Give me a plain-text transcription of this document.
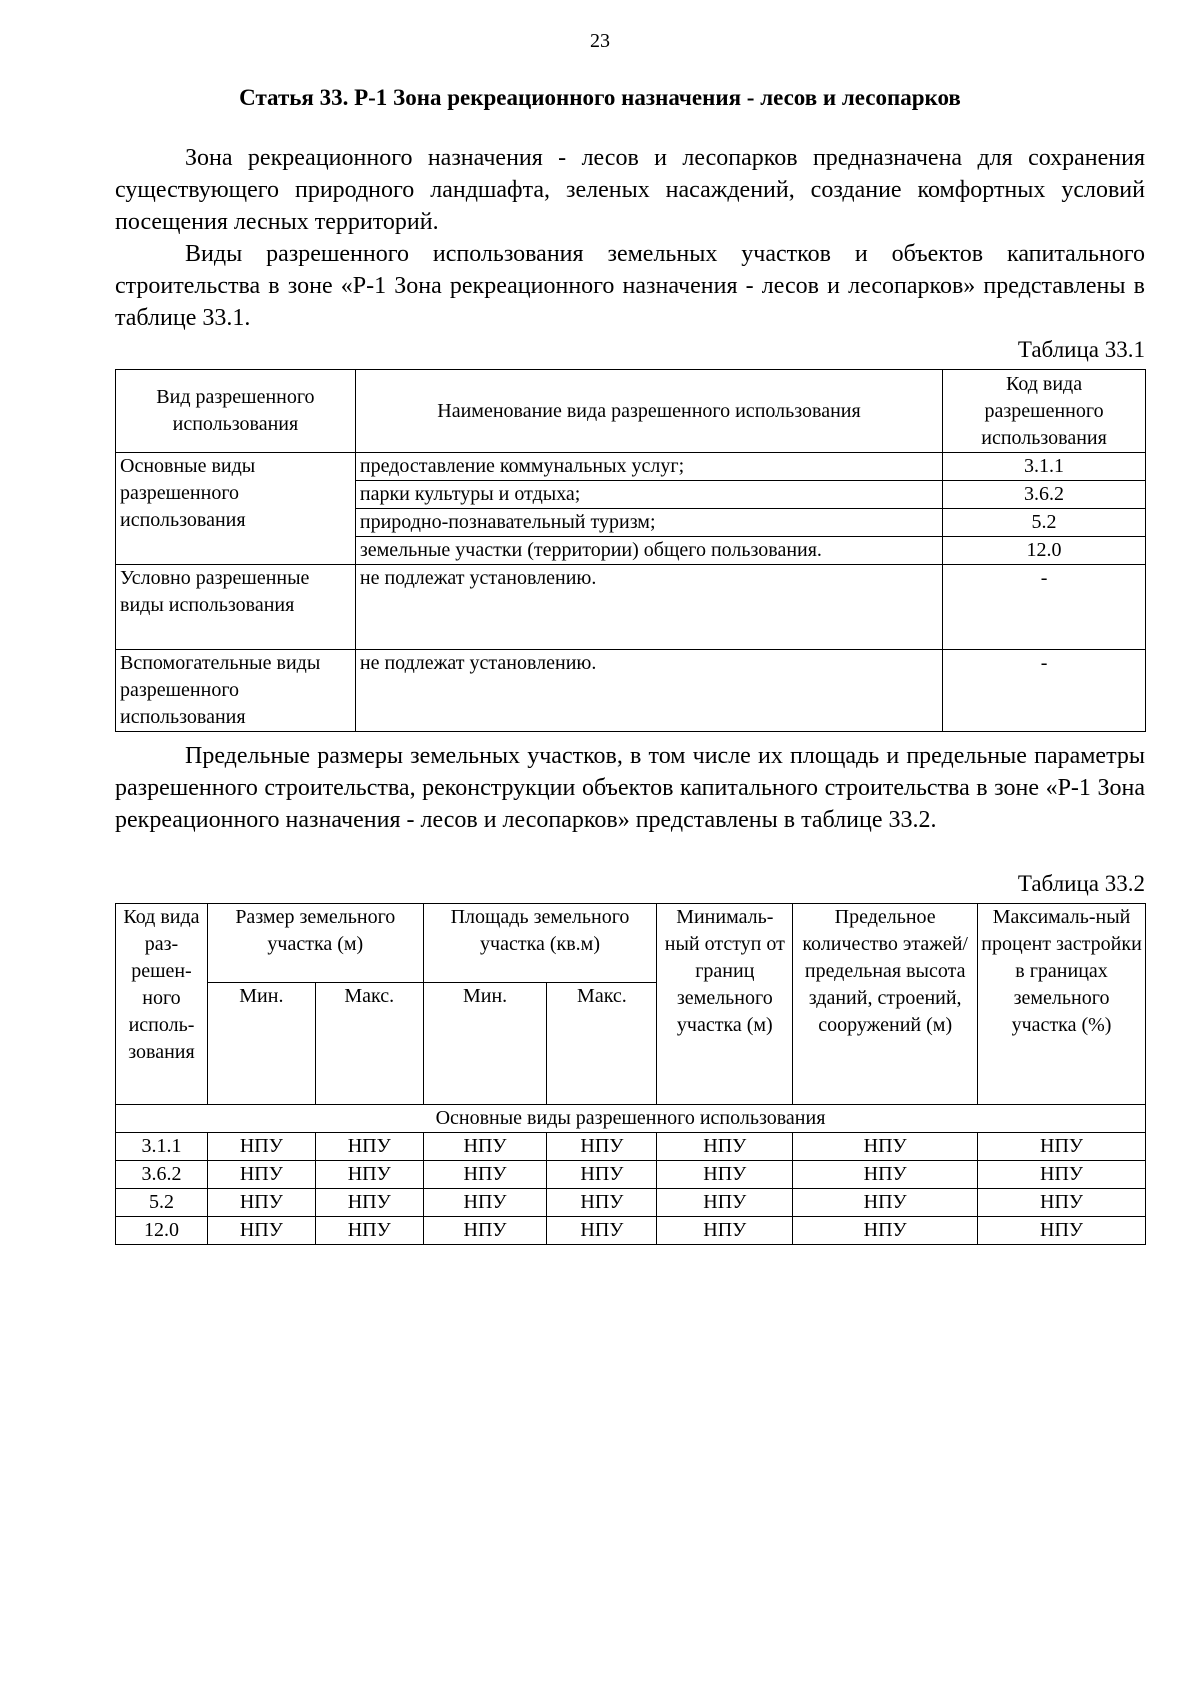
23
Статья 33. Р-1 Зона рекреационного назначения - лесов и лесопарков

Зона рекреационного назначения - лесов и лесопарков предназначена для сохранения существующего природного ландшафта, зеленых насаждений, создание комфортных условий посещения лесных территорий.

Виды разрешенного использования земельных участков и объектов капитального строительства в зоне «Р-1 Зона рекреационного назначения - лесов и лесопарков» представлены в таблице 33.1.

Таблица 33.1
Вид разрешенного использования	Наименование вида разрешенного использования	Код вида разрешенного использования
Основные виды разрешенного использования	предоставление коммунальных услуг;	3.1.1
	парки культуры и отдыха;	3.6.2
	природно-познавательный туризм;	5.2
	земельные участки (территории) общего пользования.	12.0
Условно разрешенные виды использования	не подлежат установлению.	-
Вспомогательные виды разрешенного использования	не подлежат установлению.	-

Предельные размеры земельных участков, в том числе их площадь и предельные параметры разрешенного строительства, реконструкции объектов капитального строительства в зоне «Р-1 Зона рекреационного назначения - лесов и лесопарков» представлены в таблице 33.2.

Таблица 33.2
Код вида раз-решен-ного исполь-зования	Размер земельного участка (м)		Площадь земельного участка (кв.м)		Минималь-ный отступ от границ земельного участка (м)	Предельное количество этажей/ предельная высота зданий, строений, сооружений (м)	Максималь-ный процент застройки в границах земельного участка (%)
	Мин.	Макс.	Мин.	Макс.			
Основные виды разрешенного использования							
3.1.1	НПУ	НПУ	НПУ	НПУ	НПУ	НПУ	НПУ
3.6.2	НПУ	НПУ	НПУ	НПУ	НПУ	НПУ	НПУ
5.2	НПУ	НПУ	НПУ	НПУ	НПУ	НПУ	НПУ
12.0	НПУ	НПУ	НПУ	НПУ	НПУ	НПУ	НПУ
